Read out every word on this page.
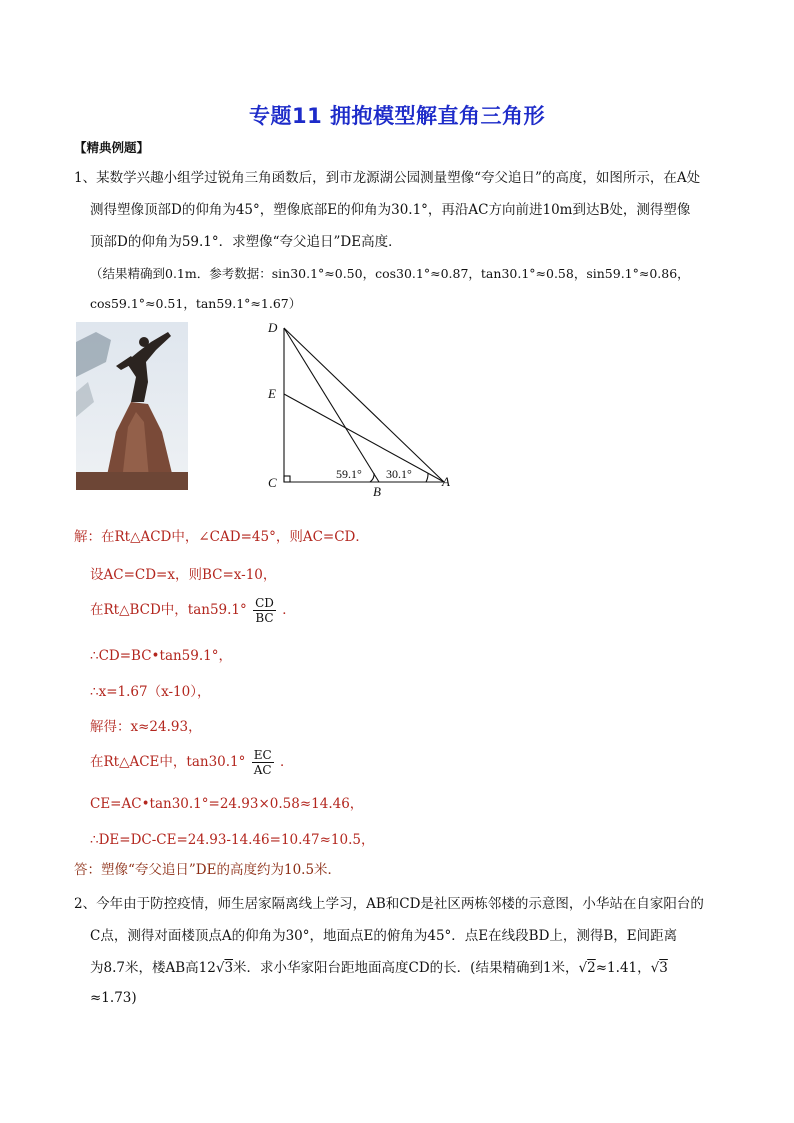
专题11 拥抱模型解直角三角形
【精典例题】
1、某数学兴趣小组学过锐角三角函数后，到市龙源湖公园测量塑像“夸父追日”的高度，如图所示，在A处
测得塑像顶部D的仰角为45°，塑像底部E的仰角为30.1°，再沿AC方向前进10m到达B处，测得塑像
顶部D的仰角为59.1°．求塑像“夸父追日”DE高度．
（结果精确到0.1m．参考数据：sin30.1°≈0.50，cos30.1°≈0.87，tan30.1°≈0.58，sin59.1°≈0.86，
cos59.1°≈0.51，tan59.1°≈1.67）
D
E
C
B
A
59.1° 30.1°
解：在Rt△ACD中，∠CAD=45°，则AC=CD．
设AC=CD=x，则BC=x-10，
在Rt△BCD中，$\tan 59.1^\circ \frac{CD}{BC}$ ．
∴CD=BC•tan59.1°，
∴x=1.67（x-10），
解得：x≈24.93，
在Rt△ACE中，$\tan 30.1^\circ \frac{EC}{AC}$ ．
CE=AC•tan30.1°=24.93×0.58≈14.46，
∴DE=DC-CE=24.93-14.46=10.47≈10.5，
答：塑像“夸父追日”DE的高度约为10.5米．
2、今年由于防控疫情，师生居家隔离线上学习，AB和CD是社区两栋邻楼的示意图，小华站在自家阳台的
C点，测得对面楼顶点A的仰角为30°，地面点E的俯角为45°．点E在线段BD上，测得B，E间距离
为8.7米，楼AB高12√3米．求小华家阳台距地面高度CD的长．(结果精确到1米，√2≈1.41，√3
≈1.73)
